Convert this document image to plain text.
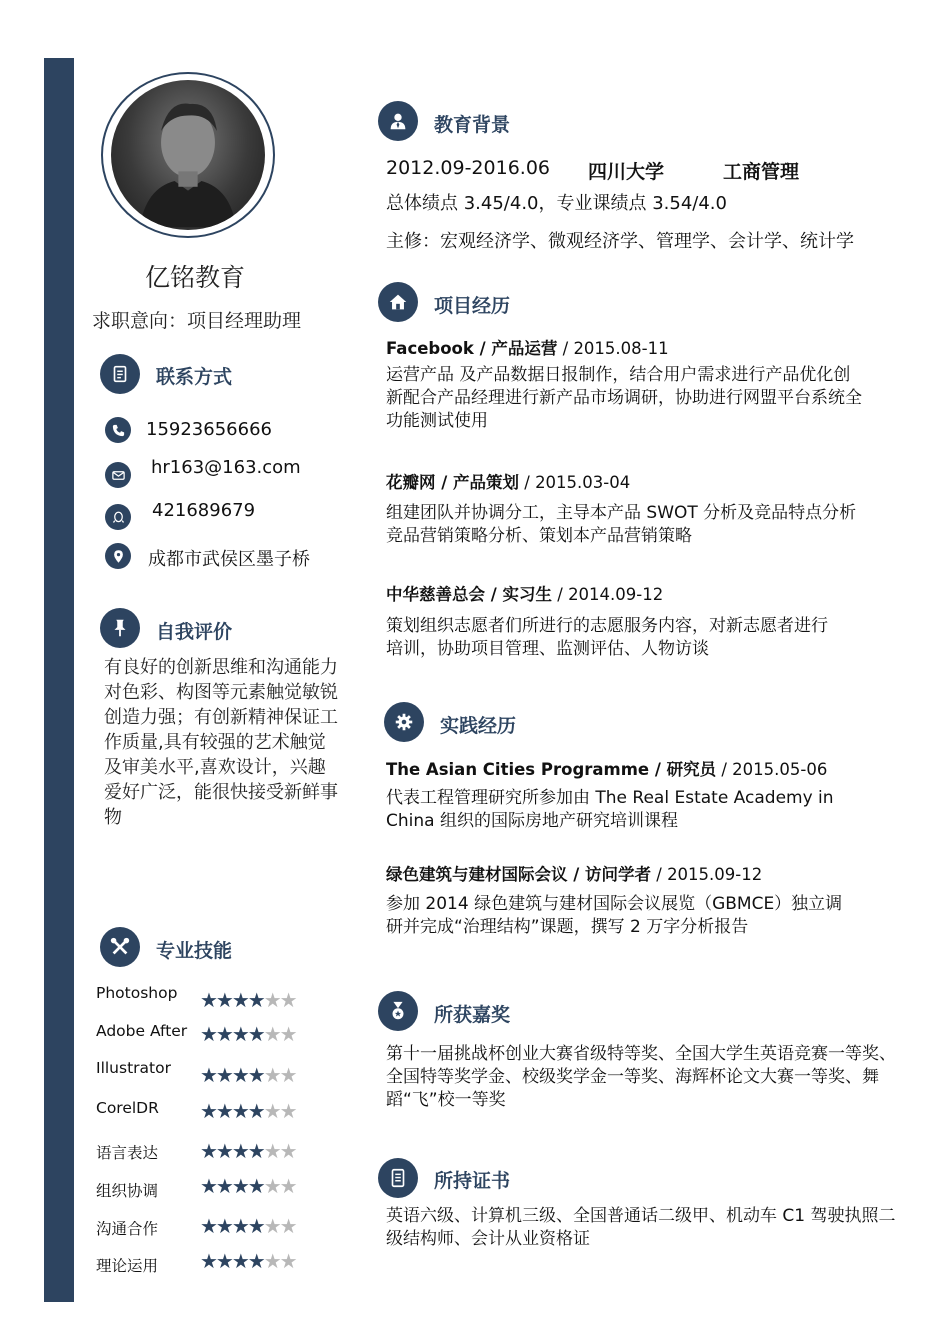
亿铭教育
求职意向：项目经理助理
联系方式
15923656666
hr163@163.com
421689679
成都市武侯区墨子桥
自我评价
有良好的创新思维和沟通能力对色彩、构图等元素触觉敏锐创造力强；有创新精神保证工作质量,具有较强的艺术触觉及审美水平,喜欢设计，兴趣爱好广泛，能很快接受新鲜事物
专业技能
Photoshop ★★★★★★
Adobe After ★★★★★★
Illustrator ★★★★★★
CorelDR ★★★★★★
语言表达 ★★★★★★
组织协调 ★★★★★★
沟通合作 ★★★★★★
理论运用 ★★★★★★
教育背景
2012.09-2016.06 四川大学	工商管理
总体绩点 3.45/4.0，专业课绩点 3.54/4.0
主修：宏观经济学、微观经济学、管理学、会计学、统计学
项目经历
Facebook / 产品运营 / 2015.08-11
运营产品 及产品数据日报制作，结合用户需求进行产品优化创新配合产品经理进行新产品市场调研，协助进行网盟平台系统全功能测试使用
花瓣网 / 产品策划 / 2015.03-04
组建团队并协调分工，主导本产品 SWOT 分析及竞品特点分析竞品营销策略分析、策划本产品营销策略
中华慈善总会 / 实习生 / 2014.09-12
策划组织志愿者们所进行的志愿服务内容，对新志愿者进行培训，协助项目管理、监测评估、人物访谈
实践经历
The Asian Cities Programme / 研究员 / 2015.05-06
代表工程管理研究所参加由 The Real Estate Academy in China 组织的国际房地产研究培训课程
绿色建筑与建材国际会议 / 访问学者 / 2015.09-12
参加 2014 绿色建筑与建材国际会议展览（GBMCE）独立调研并完成“治理结构”课题，撰写 2 万字分析报告
所获嘉奖
第十一届挑战杯创业大赛省级特等奖、全国大学生英语竞赛一等奖、全国特等奖学金、校级奖学金一等奖、海辉杯论文大赛一等奖、舞蹈“飞”校一等奖
所持证书
英语六级、计算机三级、全国普通话二级甲、机动车 C1 驾驶执照二级结构师、会计从业资格证
